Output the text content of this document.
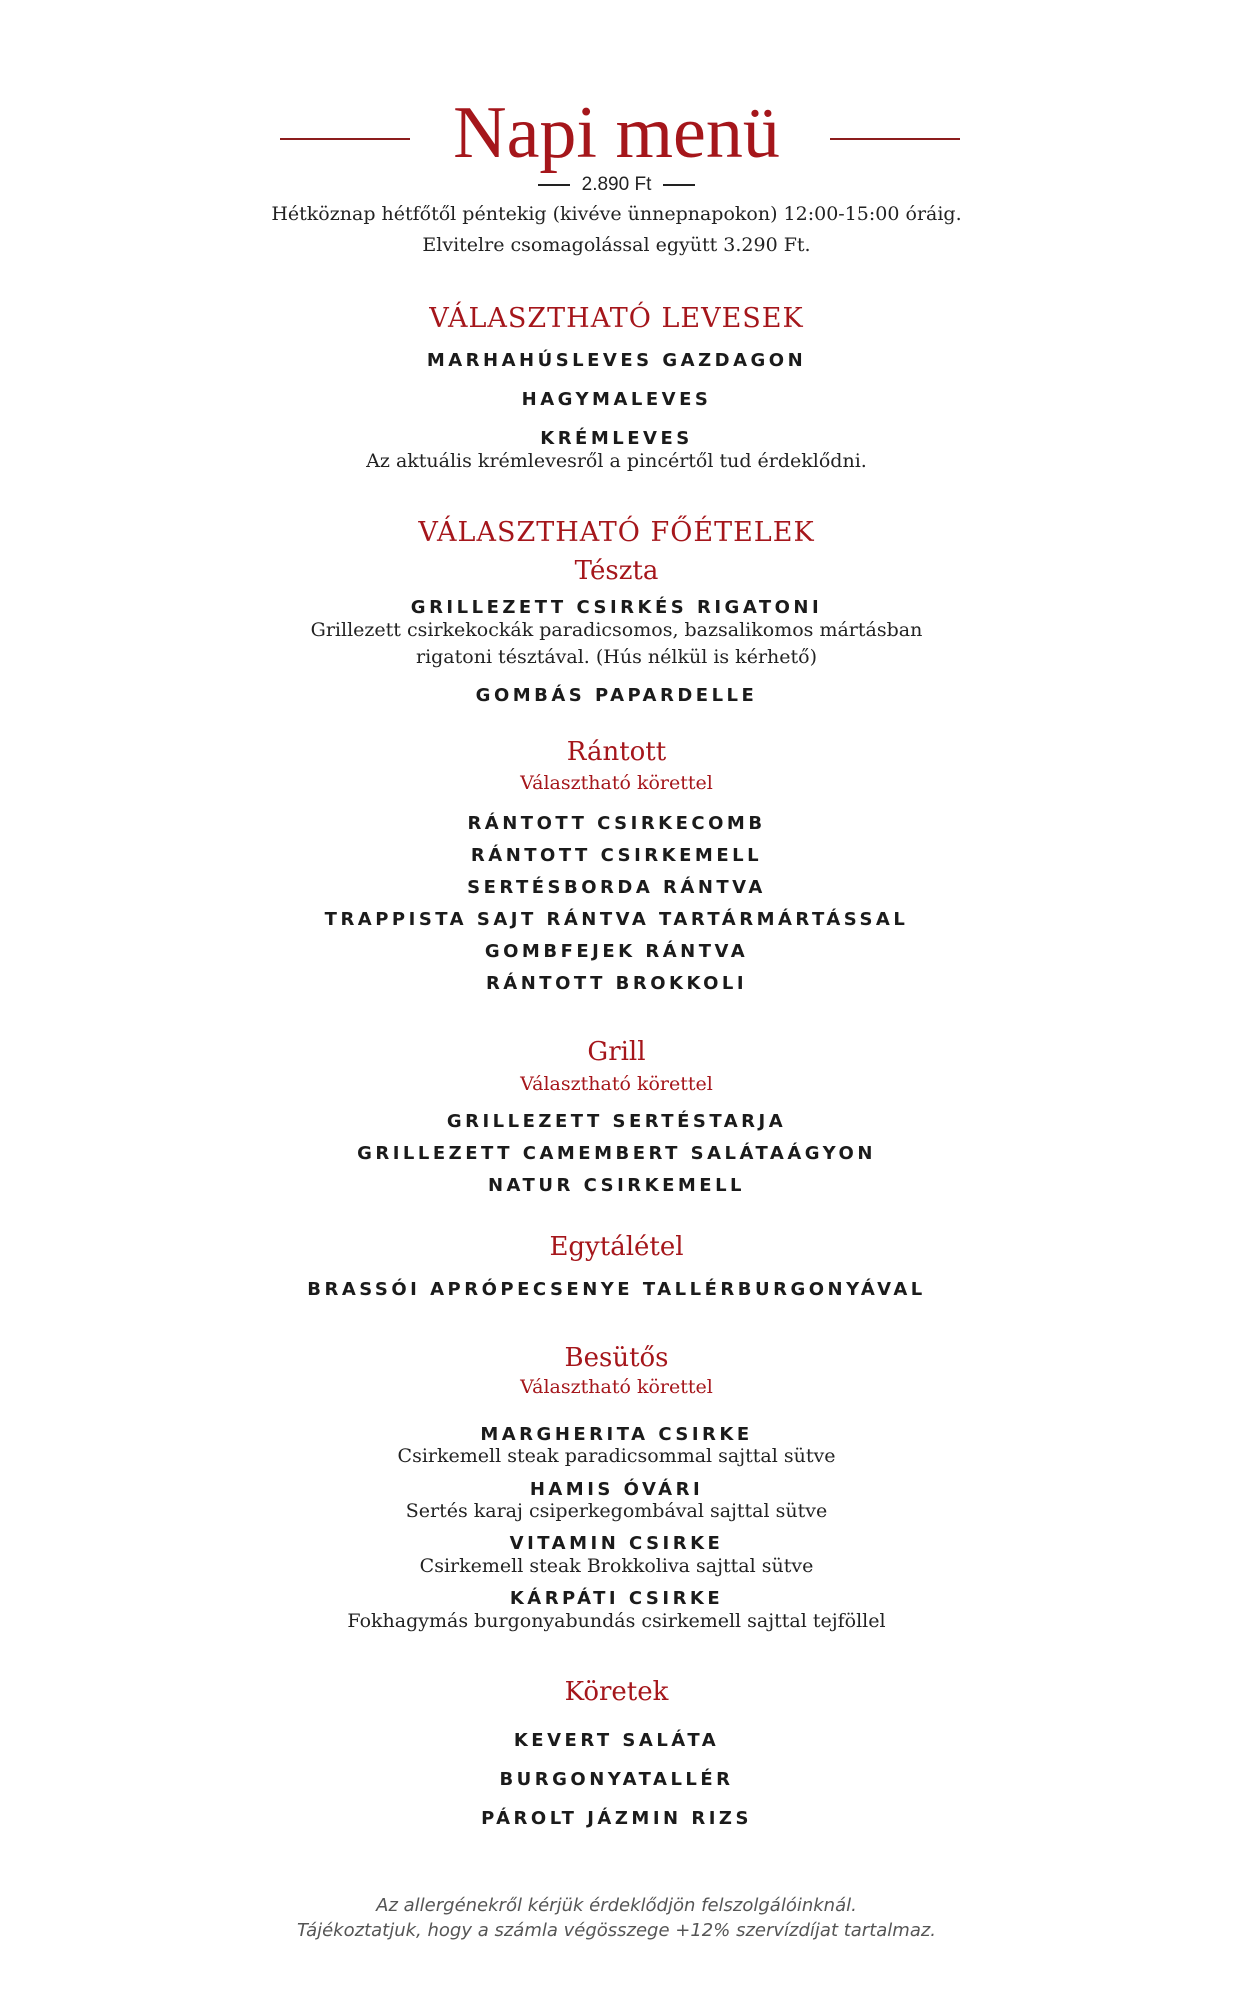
Napi menü
2.890 Ft
Hétköznap hétfőtől péntekig (kivéve ünnepnapokon) 12:00-15:00 óráig.
Elvitelre csomagolással együtt 3.290 Ft.
VÁLASZTHATÓ LEVESEK
MARHAHÚSLEVES GAZDAGON
HAGYMALEVES
KRÉMLEVES
Az aktuális krémlevesről a pincértől tud érdeklődni.
VÁLASZTHATÓ FŐÉTELEK
Tészta
GRILLEZETT CSIRKÉS RIGATONI
Grillezett csirkekockák paradicsomos, bazsalikomos mártásban
rigatoni tésztával. (Hús nélkül is kérhető)
GOMBÁS PAPARDELLE
Rántott
Választható körettel
RÁNTOTT CSIRKECOMB
RÁNTOTT CSIRKEMELL
SERTÉSBORDA RÁNTVA
TRAPPISTA SAJT RÁNTVA TARTÁRMÁRTÁSSAL
GOMBFEJEK RÁNTVA
RÁNTOTT BROKKOLI
Grill
Választható körettel
GRILLEZETT SERTÉSTARJA
GRILLEZETT CAMEMBERT SALÁTAÁGYON
NATUR CSIRKEMELL
Egytálétel
BRASSÓI APRÓPECSENYE TALLÉRBURGONYÁVAL
Besütős
Választható körettel
MARGHERITA CSIRKE
Csirkemell steak paradicsommal sajttal sütve
HAMIS ÓVÁRI
Sertés karaj csiperkegombával sajttal sütve
VITAMIN CSIRKE
Csirkemell steak Brokkoliva sajttal sütve
KÁRPÁTI CSIRKE
Fokhagymás burgonyabundás csirkemell sajttal tejföllel
Köretek
KEVERT SALÁTA
BURGONYATALLÉR
PÁROLT JÁZMIN RIZS
Az allergénekről kérjük érdeklődjön felszolgálóinknál.
Tájékoztatjuk, hogy a számla végösszege +12% szervízdíjat tartalmaz.
